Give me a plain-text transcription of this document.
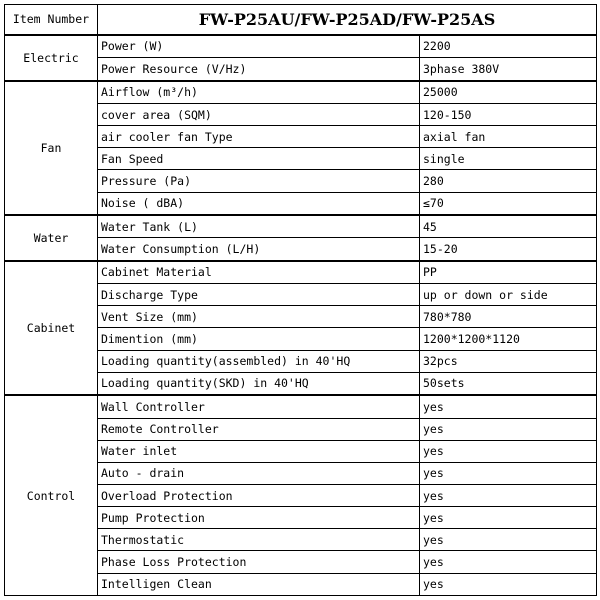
Item Number	FW-P25AU/FW-P25AD/FW-P25AS	
Electric	Power (W)	2200
	Power Resource (V/Hz)	3phase 380V
Fan	Airflow (m³/h)	25000
	cover area (SQM)	120-150
	air cooler fan Type	axial fan
	Fan Speed	single
	Pressure (Pa)	280
	Noise ( dBA)	≤70
Water	Water Tank (L)	45
	Water Consumption (L/H)	15-20
Cabinet	Cabinet Material	PP
	Discharge Type	up or down or side
	Vent Size (mm)	780*780
	Dimention (mm)	1200*1200*1120
	Loading quantity(assembled) in 40'HQ	32pcs
	Loading quantity(SKD) in 40'HQ	50sets
Control	Wall Controller	yes
	Remote Controller	yes
	Water inlet	yes
	Auto - drain	yes
	Overload Protection	yes
	Pump Protection	yes
	Thermostatic	yes
	Phase Loss Protection	yes
	Intelligen Clean	yes
